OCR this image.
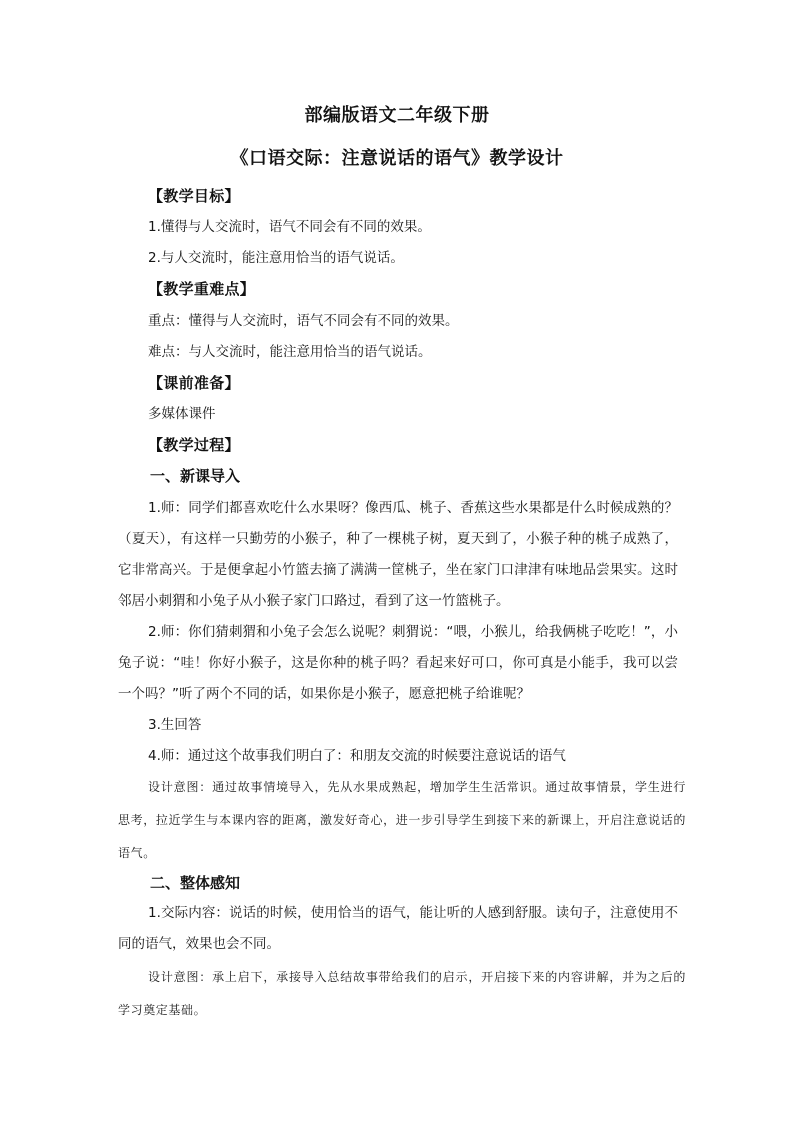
部编版语文二年级下册
《口语交际：注意说话的语气》教学设计
【教学目标】
1.懂得与人交流时，语气不同会有不同的效果。
2.与人交流时，能注意用恰当的语气说话。
【教学重难点】
重点：懂得与人交流时，语气不同会有不同的效果。
难点：与人交流时，能注意用恰当的语气说话。
【课前准备】
多媒体课件
【教学过程】
一、新课导入
1.师：同学们都喜欢吃什么水果呀？像西瓜、桃子、香蕉这些水果都是什么时候成熟的？（夏天），有这样一只勤劳的小猴子，种了一棵桃子树，夏天到了，小猴子种的桃子成熟了，它非常高兴。于是便拿起小竹篮去摘了满满一筐桃子，坐在家门口津津有味地品尝果实。这时邻居小刺猬和小兔子从小猴子家门口路过，看到了这一竹篮桃子。
2.师：你们猜刺猬和小兔子会怎么说呢？刺猬说：“喂，小猴儿，给我俩桃子吃吃！”，小兔子说：“哇！你好小猴子，这是你种的桃子吗？看起来好可口，你可真是小能手，我可以尝一个吗？”听了两个不同的话，如果你是小猴子，愿意把桃子给谁呢？
3.生回答
4.师：通过这个故事我们明白了：和朋友交流的时候要注意说话的语气
设计意图：通过故事情境导入，先从水果成熟起，增加学生生活常识。通过故事情景，学生进行思考，拉近学生与本课内容的距离，激发好奇心，进一步引导学生到接下来的新课上，开启注意说话的语气。
二、整体感知
1.交际内容：说话的时候，使用恰当的语气，能让听的人感到舒服。读句子，注意使用不同的语气，效果也会不同。
设计意图：承上启下，承接导入总结故事带给我们的启示，开启接下来的内容讲解，并为之后的学习奠定基础。
